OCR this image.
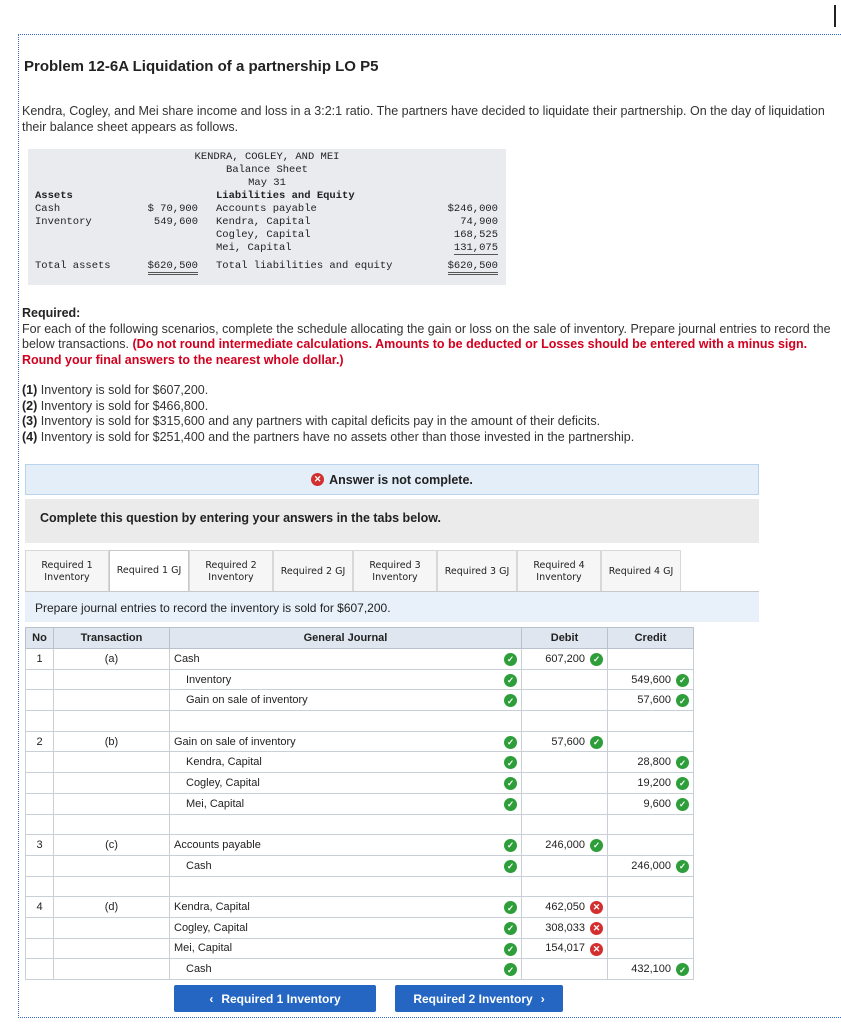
Problem 12-6A Liquidation of a partnership LO P5
Kendra, Cogley, and Mei share income and loss in a 3:2:1 ratio. The partners have decided to liquidate their partnership. On the day of liquidation their balance sheet appears as follows.
KENDRA, COGLEY, AND MEI
Balance Sheet
May 31
Assets	Liabilities and Equity
Cash	$ 70,900 Accounts payable	$246,000
Inventory	549,600 Kendra, Capital	74,900
Cogley, Capital	168,525
Mei, Capital	131,075
Total assets	$620,500 Total liabilities and equity	$620,500
Required:
For each of the following scenarios, complete the schedule allocating the gain or loss on the sale of inventory. Prepare journal entries to record the below transactions. (Do not round intermediate calculations. Amounts to be deducted or Losses should be entered with a minus sign. Round your final answers to the nearest whole dollar.)
(1) Inventory is sold for $607,200.
(2) Inventory is sold for $466,800.
(3) Inventory is sold for $315,600 and any partners with capital deficits pay in the amount of their deficits.
(4) Inventory is sold for $251,400 and the partners have no assets other than those invested in the partnership.
✕ Answer is not complete.
Complete this question by entering your answers in the tabs below.
Required 1
Inventory
Required 1 GJ	Required 2
Inventory
Required 2 GJ
Required 3
Inventory
Required 3 GJ
Required 4
Inventory
Required 4 GJ
Prepare journal entries to record the inventory is sold for $607,200.
No	Transaction	General Journal	Debit	Credit
1	(a)	Cash ✓	607,200 ✓	

		Inventory ✓		549,600 ✓

		Gain on sale of inventory ✓		57,600 ✓

2	(b)	Gain on sale of inventory ✓	57,600 ✓	

		Kendra, Capital ✓		28,800 ✓

		Cogley, Capital ✓		19,200 ✓

		Mei, Capital ✓		9,600 ✓

3	(c)	Accounts payable ✓	246,000 ✓	

		Cash ✓		246,000 ✓

4	(d)	Kendra, Capital ✓	462,050 ✕	

		Cogley, Capital ✓	308,033 ✕	

		Mei, Capital ✓	154,017 ✕	

		Cash ✓		432,100 ✓
‹ Required 1 Inventory	Required 2 Inventory ›
